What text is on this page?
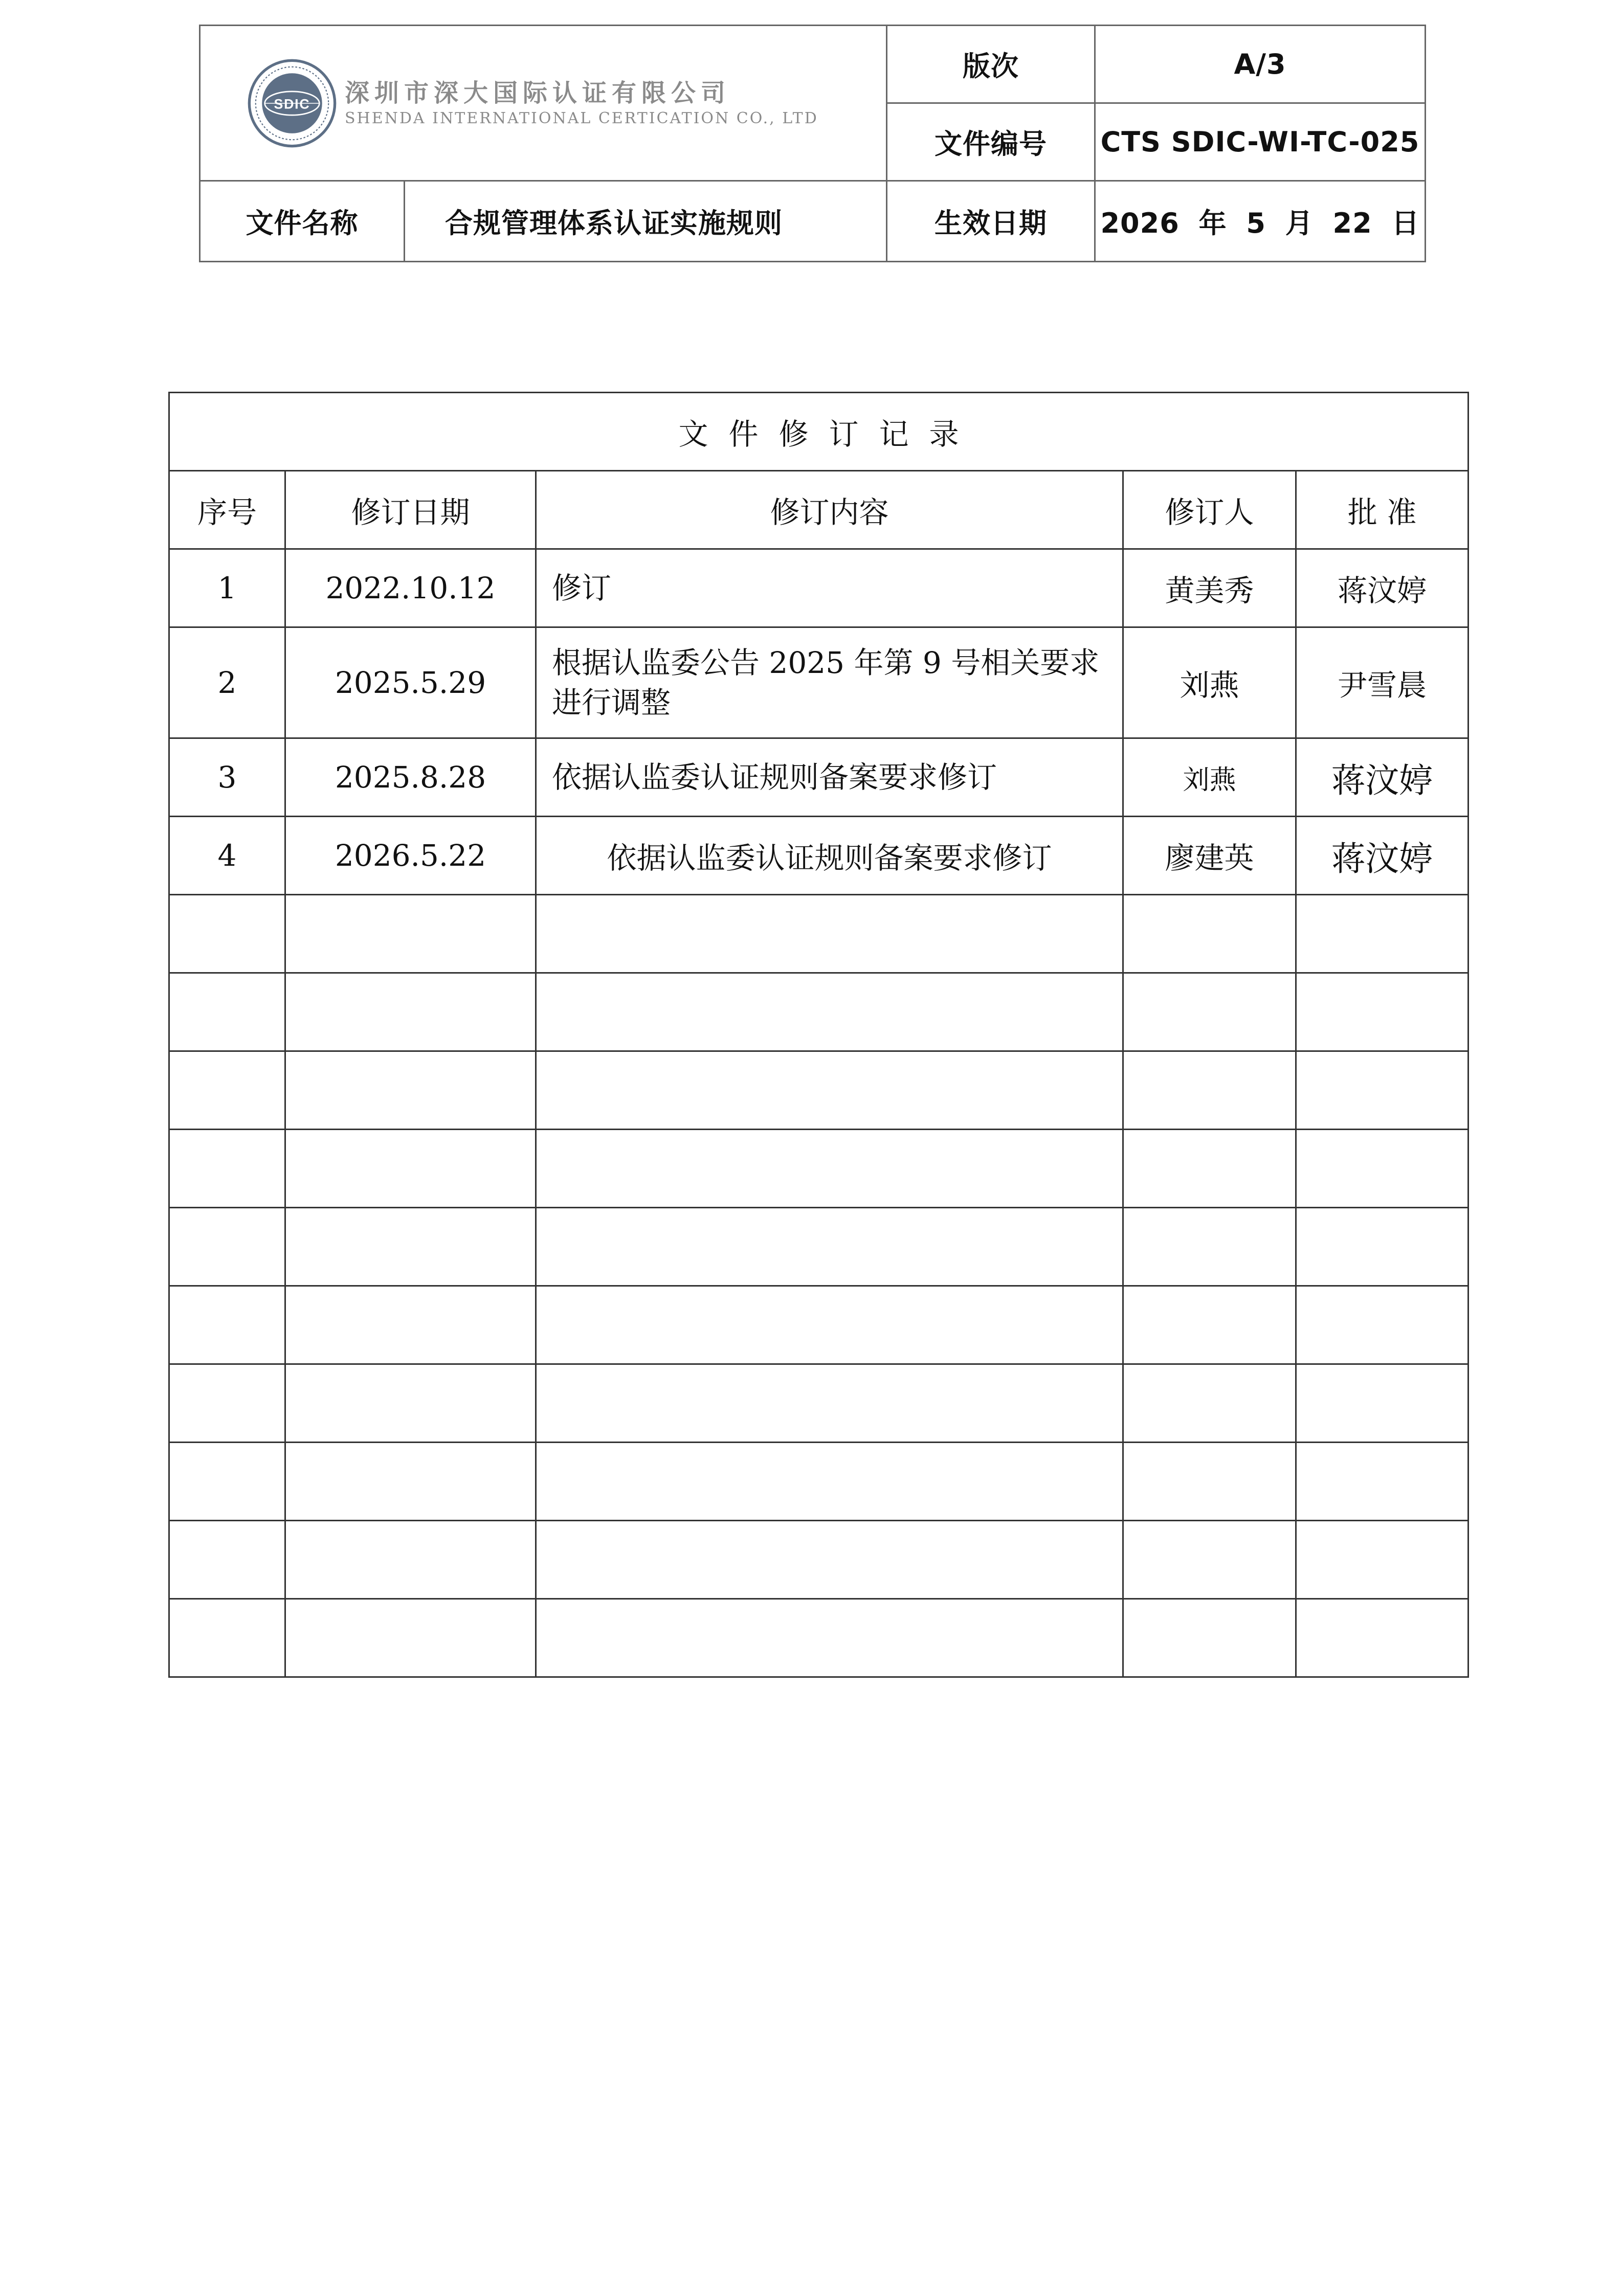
SDIC 深圳市深大国际认证有限公司
SHENDA INTERNATIONAL CERTICATION CO., LTD		版次	A/3
		文件编号	CTS SDIC-WI-TC-025
文件名称	合规管理体系认证实施规则	生效日期	2026 年 5 月 22 日
文件修订记录				
序号	修订日期	修订内容	修订人	批 准
1	2022.10.12	修订	黄美秀	蒋汶婷
2	2025.5.29	根据认监委公告 2025 年第 9 号相关要求进行调整	刘燕	尹雪晨
3	2025.8.28	依据认监委认证规则备案要求修订	刘燕	蒋汶婷
4	2026.5.22	依据认监委认证规则备案要求修订	廖建英	蒋汶婷
